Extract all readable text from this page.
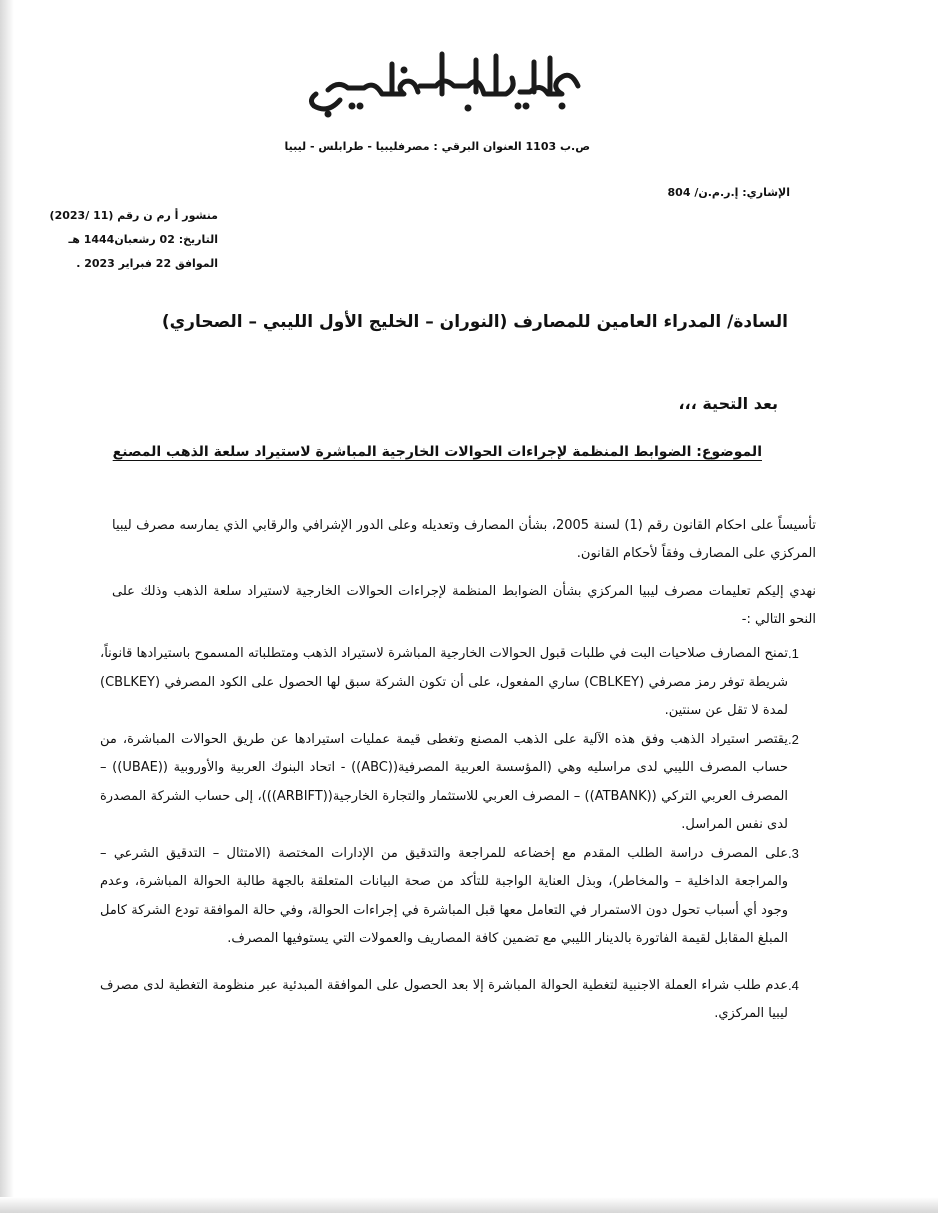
مصرف ليبيا المركزي
ص.ب 1103 العنوان البرقي : مصرفليبيا - طرابلس - ليبيا
الإشاري: إ.ر.م.ن/ 804
منشور أ رم ن رقم (11 /2023)
التاريخ: 02 رشعبان1444 هـ
الموافق 22 فبراير 2023 .
السادة/ المدراء العامين للمصارف (النوران – الخليج الأول الليبي – الصحاري)
بعد التحية ،،،
الموضوع: الضوابط المنظمة لإجراءات الحوالات الخارجية المباشرة لاستيراد سلعة الذهب المصنع
تأسيساً على احكام القانون رقم (1) لسنة 2005، بشأن المصارف وتعديله وعلى الدور الإشرافي والرقابي الذي يمارسه مصرف ليبيا المركزي على المصارف وفقاً لأحكام القانون.
نهدي إليكم تعليمات مصرف ليبيا المركزي بشأن الضوابط المنظمة لإجراءات الحوالات الخارجية لاستيراد سلعة الذهب وذلك على النحو التالي :-
1.
تمنح المصارف صلاحيات البت في طلبات قبول الحوالات الخارجية المباشرة لاستيراد الذهب ومتطلباته المسموح باستيرادها قانوناً، شريطة توفر رمز مصرفي (CBLKEY) ساري المفعول، على أن تكون الشركة سبق لها الحصول على الكود المصرفي (CBLKEY) لمدة لا تقل عن سنتين.
2.
يقتصر استيراد الذهب وفق هذه الآلية على الذهب المصنع وتغطى قيمة عمليات استيرادها عن طريق الحوالات المباشرة، من حساب المصرف الليبي لدى مراسليه وهي (المؤسسة العربية المصرفية((ABC)) - اتحاد البنوك العربية والأوروبية ((UBAE)) – المصرف العربي التركي ((ATBANK)) – المصرف العربي للاستثمار والتجارة الخارجية((ARBIFT)))، إلى حساب الشركة المصدرة لدى نفس المراسل.
3.
على المصرف دراسة الطلب المقدم مع إخضاعه للمراجعة والتدقيق من الإدارات المختصة (الامتثال – التدقيق الشرعي – والمراجعة الداخلية – والمخاطر)، وبذل العناية الواجبة للتأكد من صحة البيانات المتعلقة بالجهة طالبة الحوالة المباشرة، وعدم وجود أي أسباب تحول دون الاستمرار في التعامل معها قبل المباشرة في إجراءات الحوالة، وفي حالة الموافقة تودع الشركة كامل المبلغ المقابل لقيمة الفاتورة بالدينار الليبي مع تضمين كافة المصاريف والعمولات التي يستوفيها المصرف.
4.
عدم طلب شراء العملة الاجنبية لتغطية الحوالة المباشرة إلا بعد الحصول على الموافقة المبدئية عبر منظومة التغطية لدى مصرف ليبيا المركزي.
